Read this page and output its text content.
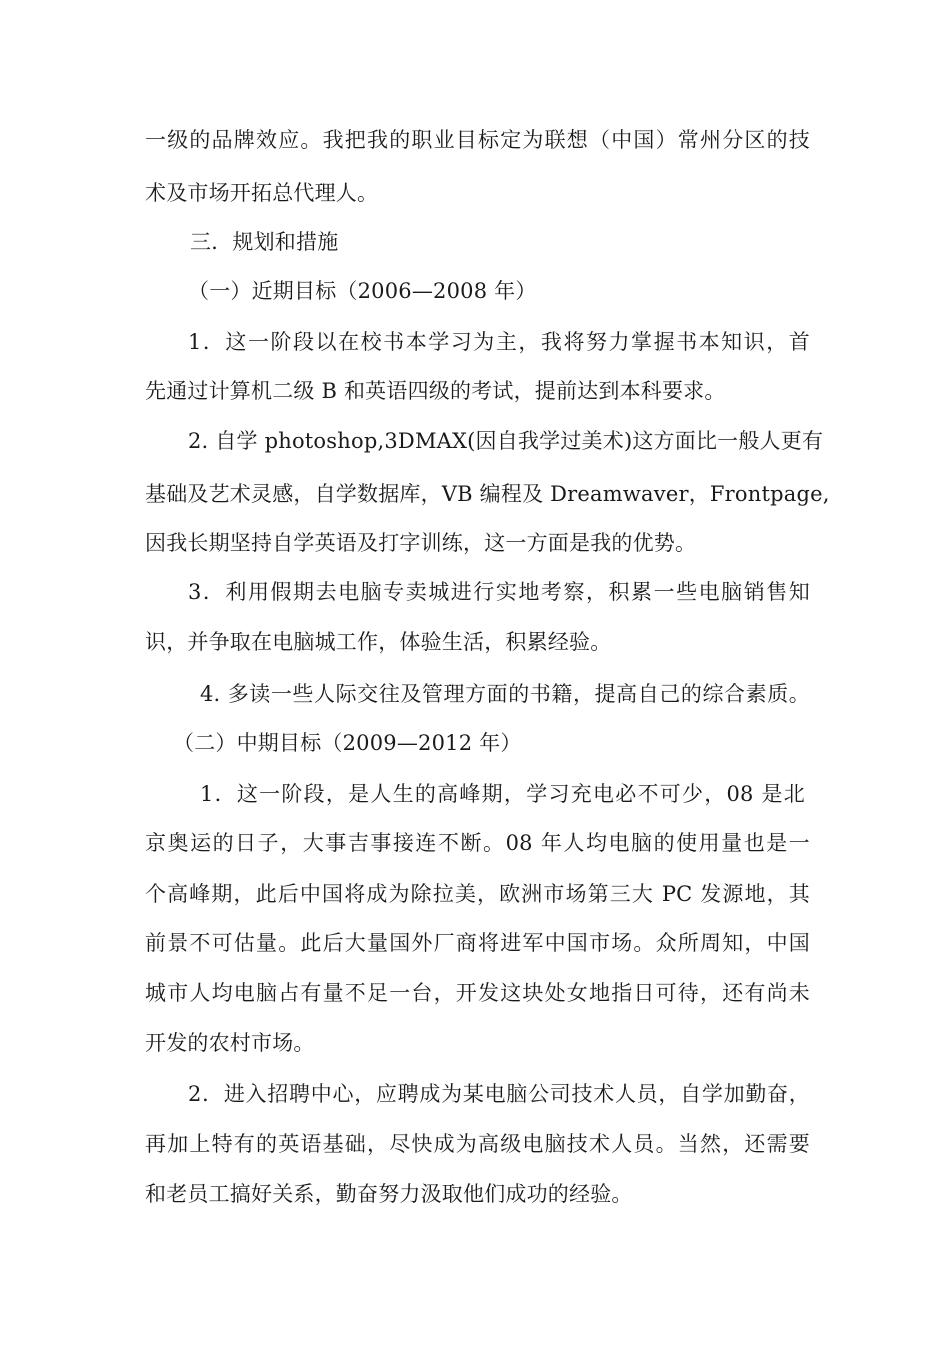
一级的品牌效应。我把我的职业目标定为联想（中国）常州分区的技
术及市场开拓总代理人。
三．规划和措施
（一）近期目标（2006—2008 年）
1．这一阶段以在校书本学习为主，我将努力掌握书本知识，首
先通过计算机二级 B 和英语四级的考试，提前达到本科要求。
2. 自学 photoshop,3DMAX(因自我学过美术)这方面比一般人更有
基础及艺术灵感，自学数据库，VB 编程及 Dreamwaver，Frontpage,
因我长期坚持自学英语及打字训练，这一方面是我的优势。
3．利用假期去电脑专卖城进行实地考察，积累一些电脑销售知
识，并争取在电脑城工作，体验生活，积累经验。
4. 多读一些人际交往及管理方面的书籍，提高自己的综合素质。
（二）中期目标（2009—2012 年）
1．这一阶段，是人生的高峰期，学习充电必不可少，08 是北
京奥运的日子，大事吉事接连不断。08 年人均电脑的使用量也是一
个高峰期，此后中国将成为除拉美，欧洲市场第三大 PC 发源地，其
前景不可估量。此后大量国外厂商将进军中国市场。众所周知，中国
城市人均电脑占有量不足一台，开发这块处女地指日可待，还有尚未
开发的农村市场。
2．进入招聘中心，应聘成为某电脑公司技术人员，自学加勤奋，
再加上特有的英语基础，尽快成为高级电脑技术人员。当然，还需要
和老员工搞好关系，勤奋努力汲取他们成功的经验。
